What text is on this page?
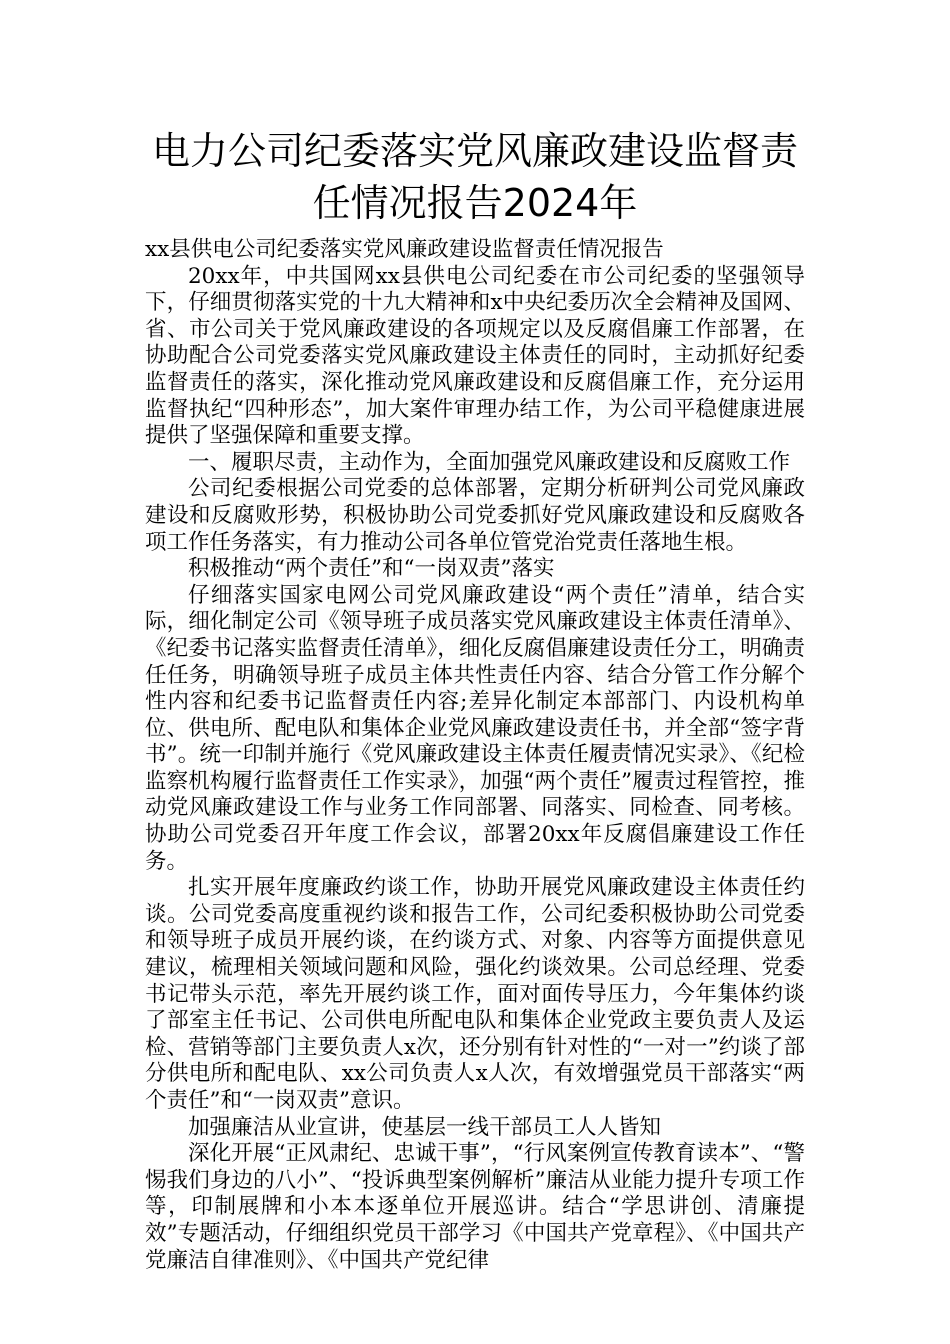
电力公司纪委落实党风廉政建设监督责
任情况报告2024年

xx县供电公司纪委落实党风廉政建设监督责任情况报告

20xx年，中共国网xx县供电公司纪委在市公司纪委的坚强领导下，仔细贯彻落实党的十九大精神和x中央纪委历次全会精神及国网、省、市公司关于党风廉政建设的各项规定以及反腐倡廉工作部署，在协助配合公司党委落实党风廉政建设主体责任的同时，主动抓好纪委监督责任的落实，深化推动党风廉政建设和反腐倡廉工作，充分运用监督执纪“四种形态”，加大案件审理办结工作，为公司平稳健康进展提供了坚强保障和重要支撑。

一、履职尽责，主动作为，全面加强党风廉政建设和反腐败工作

公司纪委根据公司党委的总体部署，定期分析研判公司党风廉政建设和反腐败形势，积极协助公司党委抓好党风廉政建设和反腐败各项工作任务落实，有力推动公司各单位管党治党责任落地生根。

积极推动“两个责任”和“一岗双责”落实

仔细落实国家电网公司党风廉政建设“两个责任”清单，结合实际，细化制定公司《领导班子成员落实党风廉政建设主体责任清单》、《纪委书记落实监督责任清单》，细化反腐倡廉建设责任分工，明确责任任务，明确领导班子成员主体共性责任内容、结合分管工作分解个性内容和纪委书记监督责任内容;差异化制定本部部门、内设机构单位、供电所、配电队和集体企业党风廉政建设责任书，并全部“签字背书”。统一印制并施行《党风廉政建设主体责任履责情况实录》、《纪检监察机构履行监督责任工作实录》，加强“两个责任”履责过程管控，推动党风廉政建设工作与业务工作同部署、同落实、同检查、同考核。协助公司党委召开年度工作会议，部署20xx年反腐倡廉建设工作任务。

扎实开展年度廉政约谈工作，协助开展党风廉政建设主体责任约谈。公司党委高度重视约谈和报告工作，公司纪委积极协助公司党委和领导班子成员开展约谈，在约谈方式、对象、内容等方面提供意见建议，梳理相关领域问题和风险，强化约谈效果。公司总经理、党委书记带头示范，率先开展约谈工作，面对面传导压力，今年集体约谈了部室主任书记、公司供电所配电队和集体企业党政主要负责人及运检、营销等部门主要负责人x次，还分别有针对性的“一对一”约谈了部分供电所和配电队、xx公司负责人x人次，有效增强党员干部落实“两个责任”和“一岗双责”意识。

加强廉洁从业宣讲，使基层一线干部员工人人皆知

深化开展“正风肃纪、忠诚干事”，“行风案例宣传教育读本”、“警惕我们身边的八小”、“投诉典型案例解析”廉洁从业能力提升专项工作等，印制展牌和小本本逐单位开展巡讲。结合“学思讲创、清廉提效”专题活动，仔细组织党员干部学习《中国共产党章程》、《中国共产党廉洁自律准则》、《中国共产党纪律
